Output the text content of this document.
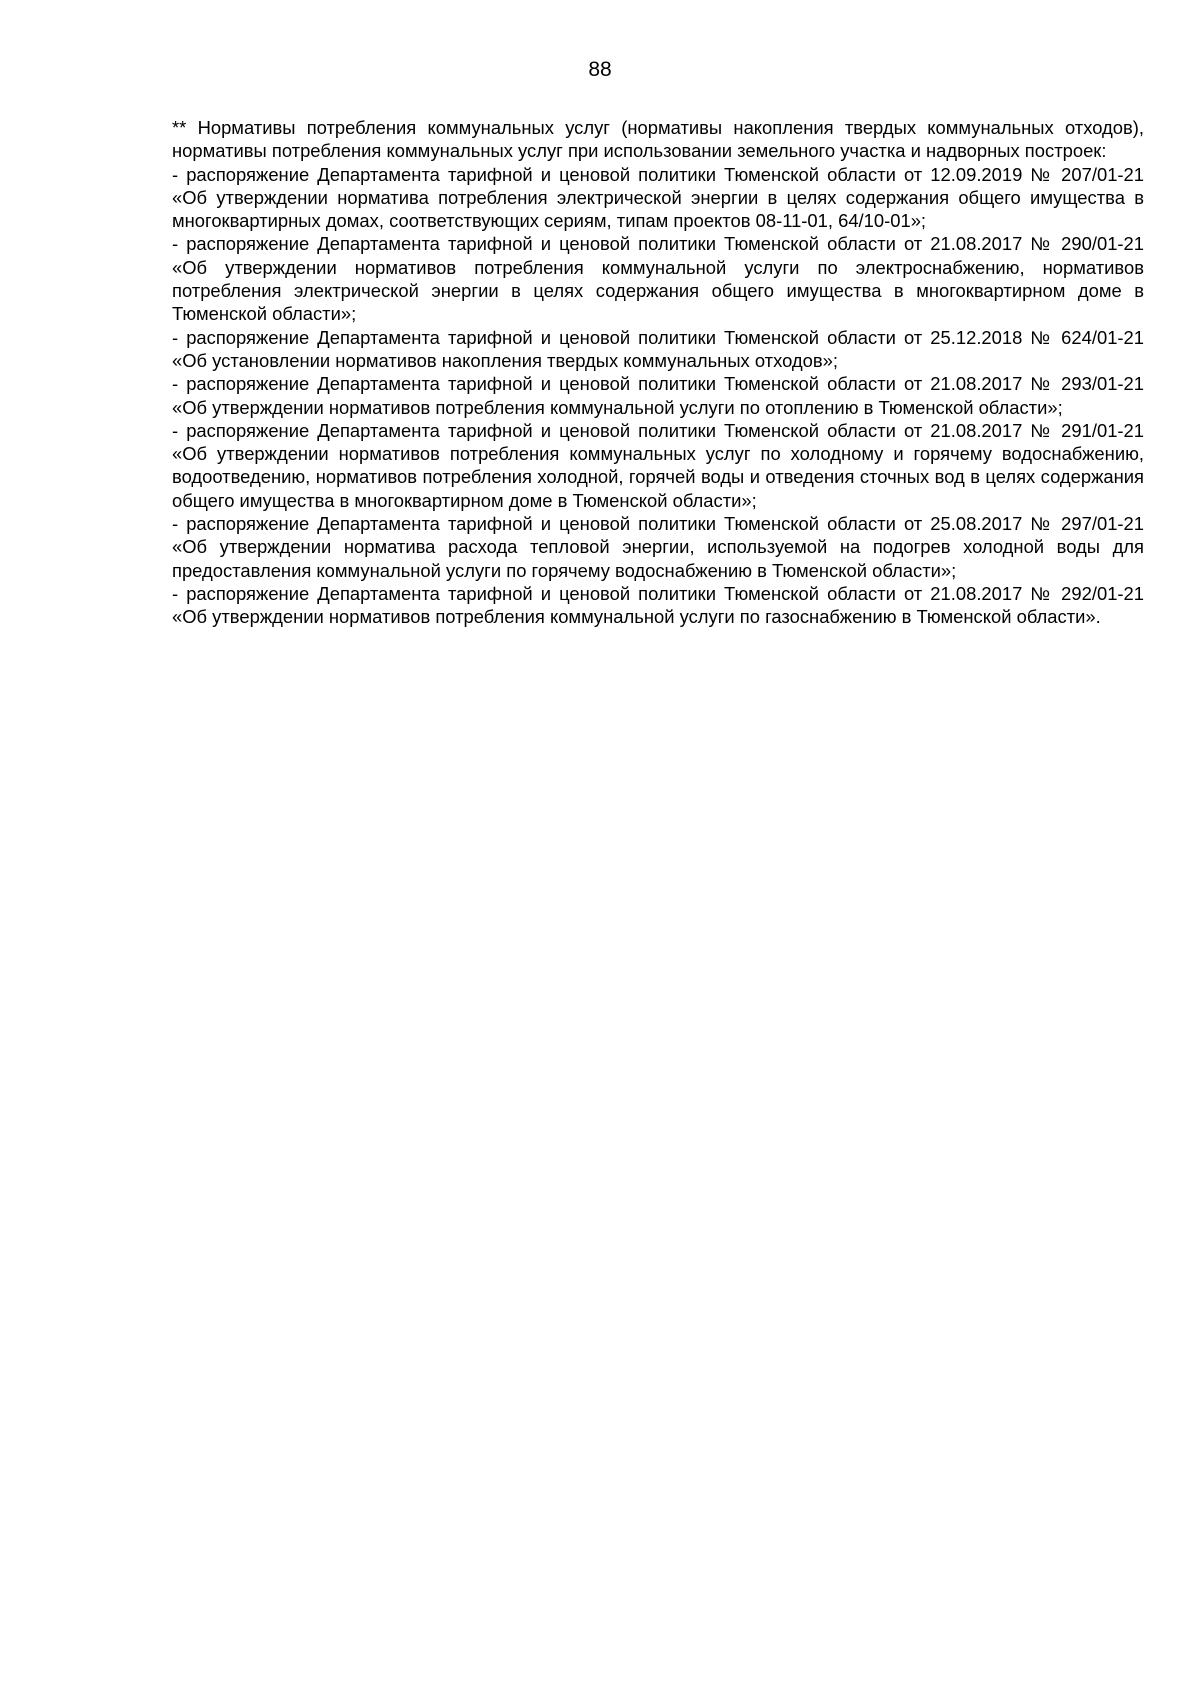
88

** Нормативы потребления коммунальных услуг (нормативы накопления твердых коммунальных отходов), нормативы потребления коммунальных услуг при использовании земельного участка и надворных построек:

- распоряжение Департамента тарифной и ценовой политики Тюменской области от 12.09.2019 № 207/01-21 «Об утверждении норматива потребления электрической энергии в целях содержания общего имущества в многоквартирных домах, соответствующих сериям, типам проектов 08-11-01, 64/10-01»;

- распоряжение Департамента тарифной и ценовой политики Тюменской области от 21.08.2017 № 290/01-21 «Об утверждении нормативов потребления коммунальной услуги по электроснабжению, нормативов потребления электрической энергии в целях содержания общего имущества в многоквартирном доме в Тюменской области»;

- распоряжение Департамента тарифной и ценовой политики Тюменской области от 25.12.2018 № 624/01-21 «Об установлении нормативов накопления твердых коммунальных отходов»;

- распоряжение Департамента тарифной и ценовой политики Тюменской области от 21.08.2017 № 293/01-21 «Об утверждении нормативов потребления коммунальной услуги по отоплению в Тюменской области»;

- распоряжение Департамента тарифной и ценовой политики Тюменской области от 21.08.2017 № 291/01-21 «Об утверждении нормативов потребления коммунальных услуг по холодному и горячему водоснабжению, водоотведению, нормативов потребления холодной, горячей воды и отведения сточных вод в целях содержания общего имущества в многоквартирном доме в Тюменской области»;

- распоряжение Департамента тарифной и ценовой политики Тюменской области от 25.08.2017 № 297/01-21 «Об утверждении норматива расхода тепловой энергии, используемой на подогрев холодной воды для предоставления коммунальной услуги по горячему водоснабжению в Тюменской области»;

- распоряжение Департамента тарифной и ценовой политики Тюменской области от 21.08.2017 № 292/01-21 «Об утверждении нормативов потребления коммунальной услуги по газоснабжению в Тюменской области».
